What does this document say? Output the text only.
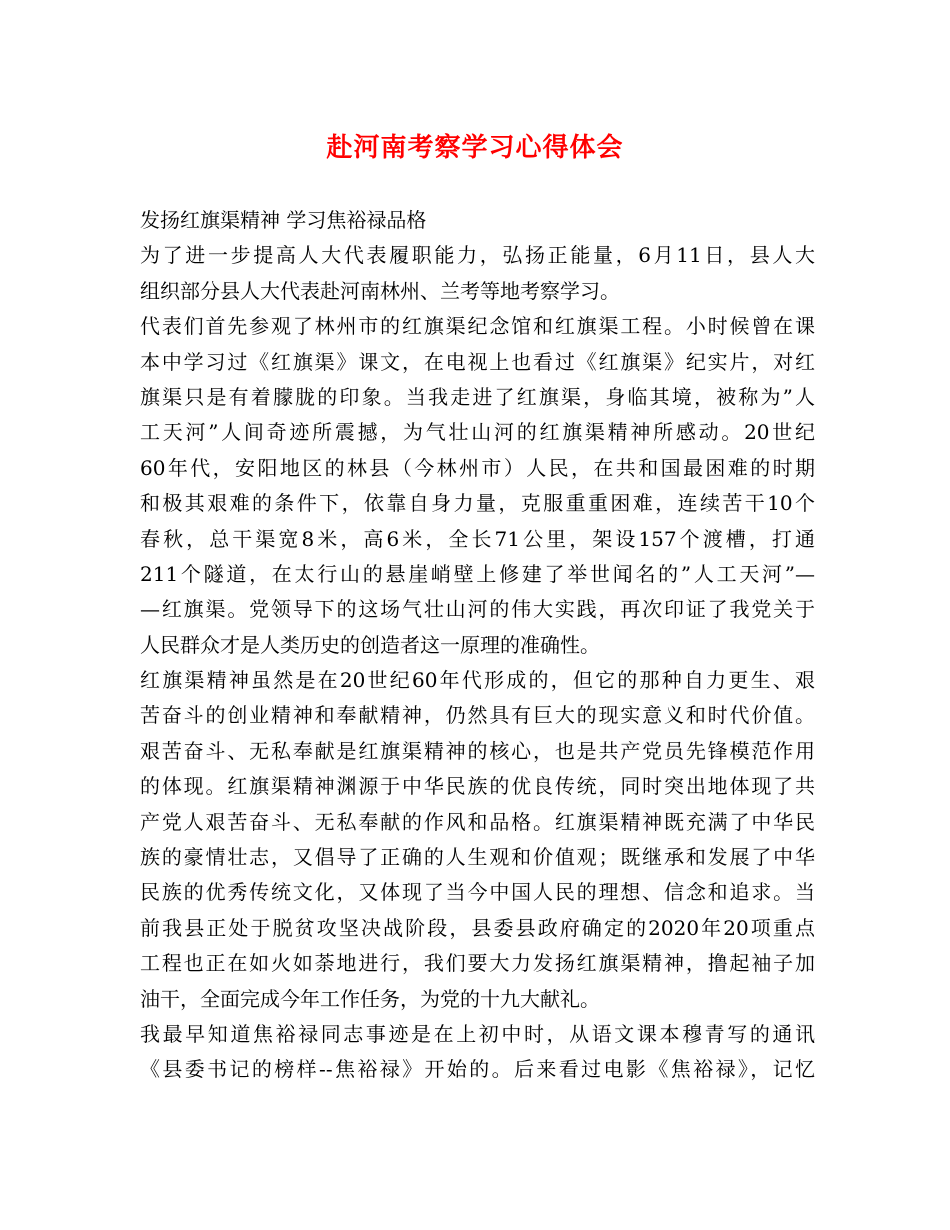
赴河南考察学习心得体会
发扬红旗渠精神 学习焦裕禄品格
为了进一步提高人大代表履职能力，弘扬正能量，6月11日，县人大
组织部分县人大代表赴河南林州、兰考等地考察学习。
代表们首先参观了林州市的红旗渠纪念馆和红旗渠工程。小时候曾在课
本中学习过《红旗渠》课文，在电视上也看过《红旗渠》纪实片，对红
旗渠只是有着朦胧的印象。当我走进了红旗渠，身临其境，被称为”人
工天河”人间奇迹所震撼，为气壮山河的红旗渠精神所感动。20世纪
60年代，安阳地区的林县（今林州市）人民，在共和国最困难的时期
和极其艰难的条件下，依靠自身力量，克服重重困难，连续苦干10个
春秋，总干渠宽8米，高6米，全长71公里，架设157个渡槽，打通
211个隧道，在太行山的悬崖峭壁上修建了举世闻名的”人工天河”—
—红旗渠。党领导下的这场气壮山河的伟大实践，再次印证了我党关于
人民群众才是人类历史的创造者这一原理的准确性。
红旗渠精神虽然是在20世纪60年代形成的，但它的那种自力更生、艰
苦奋斗的创业精神和奉献精神，仍然具有巨大的现实意义和时代价值。
艰苦奋斗、无私奉献是红旗渠精神的核心，也是共产党员先锋模范作用
的体现。红旗渠精神渊源于中华民族的优良传统，同时突出地体现了共
产党人艰苦奋斗、无私奉献的作风和品格。红旗渠精神既充满了中华民
族的豪情壮志，又倡导了正确的人生观和价值观；既继承和发展了中华
民族的优秀传统文化，又体现了当今中国人民的理想、信念和追求。当
前我县正处于脱贫攻坚决战阶段，县委县政府确定的2020年20项重点
工程也正在如火如荼地进行，我们要大力发扬红旗渠精神，撸起袖子加
油干，全面完成今年工作任务，为党的十九大献礼。
我最早知道焦裕禄同志事迹是在上初中时，从语文课本穆青写的通讯
《县委书记的榜样--焦裕禄》开始的。后来看过电影《焦裕禄》，记忆
